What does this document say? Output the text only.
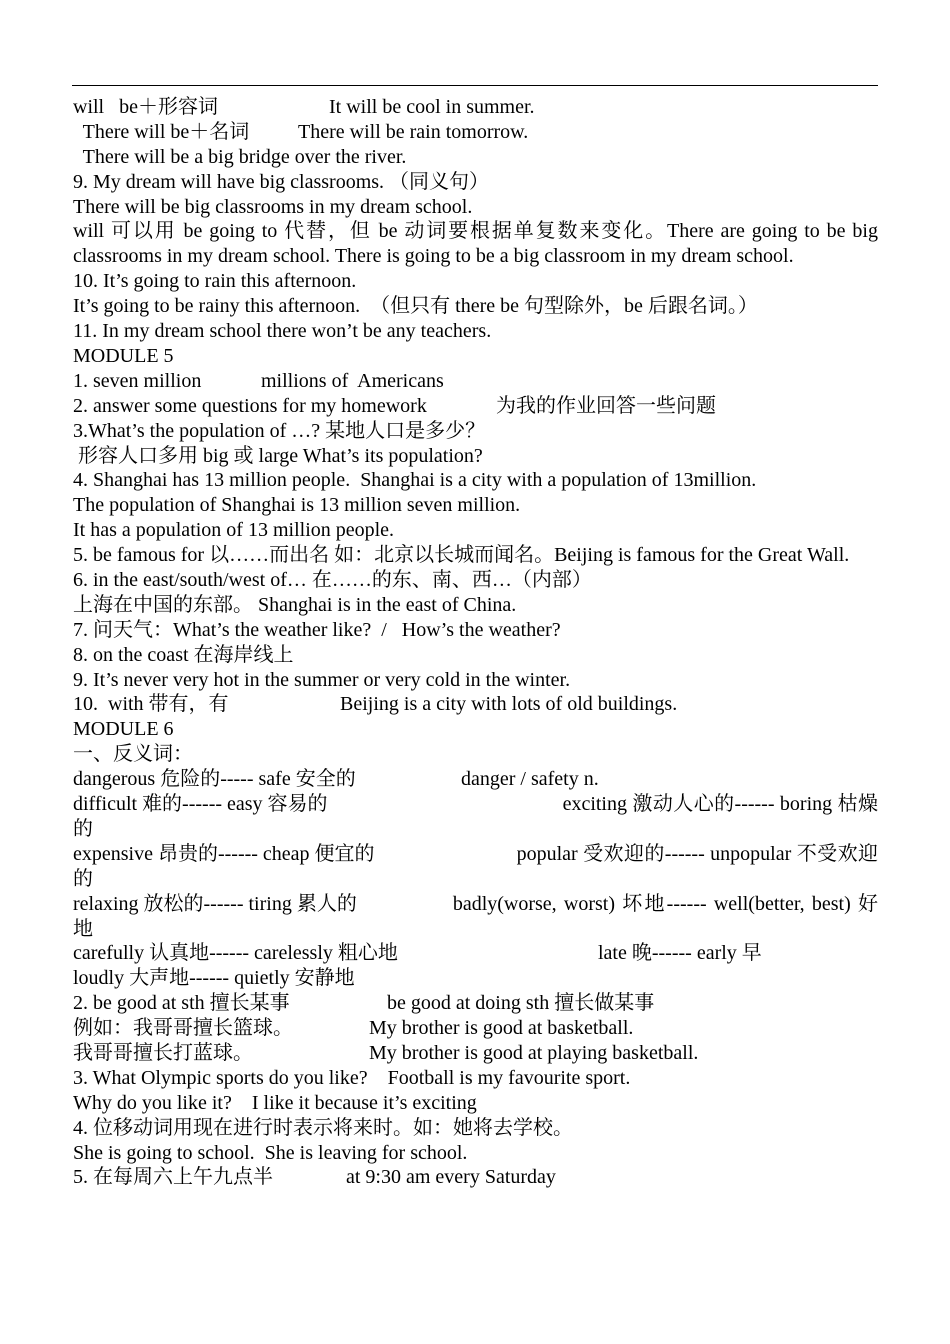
will   be＋形容词	It will be cool in summer.
There will be＋名词 There will be rain tomorrow.
There will be a big bridge over the river.
9. My dream will have big classrooms. （同义句）
There will be big classrooms in my dream school.
will 可以用 be going to 代替，但 be 动词要根据单复数来变化。There are going to be big classrooms in my dream school. There is going to be a big classroom in my dream school.
10. It’s going to rain this afternoon.
It’s going to be rainy this afternoon.  （但只有 there be 句型除外，be 后跟名词。）
11. In my dream school there won’t be any teachers.
MODULE 5
1. seven million	millions of  Americans
2. answer some questions for my homework	为我的作业回答一些问题
3.What’s the population of …? 某地人口是多少？
形容人口多用 big 或 large What’s its population?
4. Shanghai has 13 million people.  Shanghai is a city with a population of 13million.
The population of Shanghai is 13 million seven million.
It has a population of 13 million people.
5. be famous for 以……而出名 如：北京以长城而闻名。Beijing is famous for the Great Wall.
6. in the east/south/west of… 在……的东、南、西…（内部）
上海在中国的东部。 Shanghai is in the east of China.
7. 问天气：What’s the weather like?  /   How’s the weather?
8. on the coast 在海岸线上
9. It’s never very hot in the summer or very cold in the winter.
10.  with 带有，有	Beijing is a city with lots of old buildings.
MODULE 6
一、反义词：
dangerous 危险的----- safe 安全的	danger / safety n.
difficult 难的------ easy 容易的	exciting 激动人心的------ boring 枯燥的
expensive 昂贵的------ cheap 便宜的	popular 受欢迎的------ unpopular 不受欢迎的
relaxing 放松的------ tiring 累人的	badly(worse, worst) 坏地------ well(better, best) 好地
carefully 认真地------ carelessly 粗心地	late 晚------ early 早
loudly 大声地------ quietly 安静地
2. be good at sth 擅长某事	be good at doing sth 擅长做某事
例如：我哥哥擅长篮球。	My brother is good at basketball.
我哥哥擅长打蓝球。	My brother is good at playing basketball.
3. What Olympic sports do you like?    Football is my favourite sport.
Why do you like it?    I like it because it’s exciting
4. 位移动词用现在进行时表示将来时。如：她将去学校。
She is going to school.  She is leaving for school.
5. 在每周六上午九点半	at 9:30 am every Saturday
